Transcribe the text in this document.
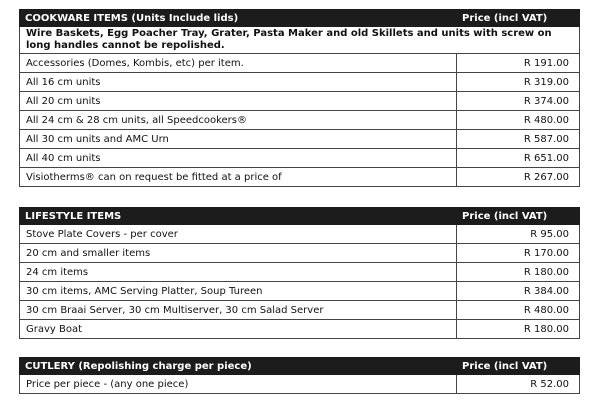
COOKWARE ITEMS (Units Include lids)	Price (incl VAT)
Wire Baskets, Egg Poacher Tray, Grater, Pasta Maker and old Skillets and units with screw on long handles cannot be repolished.	
Accessories (Domes, Kombis, etc) per item.	R 191.00
All 16 cm units	R 319.00
All 20 cm units	R 374.00
All 24 cm & 28 cm units, all Speedcookers®	R 480.00
All 30 cm units and AMC Urn	R 587.00
All 40 cm units	R 651.00
Visiotherms® can on request be fitted at a price of	R 267.00
LIFESTYLE ITEMS	Price (incl VAT)
Stove Plate Covers - per cover	R 95.00
20 cm and smaller items	R 170.00
24 cm items	R 180.00
30 cm items, AMC Serving Platter, Soup Tureen	R 384.00
30 cm Braai Server, 30 cm Multiserver, 30 cm Salad Server	R 480.00
Gravy Boat	R 180.00
CUTLERY (Repolishing charge per piece)	Price (incl VAT)
Price per piece - (any one piece)	R 52.00
